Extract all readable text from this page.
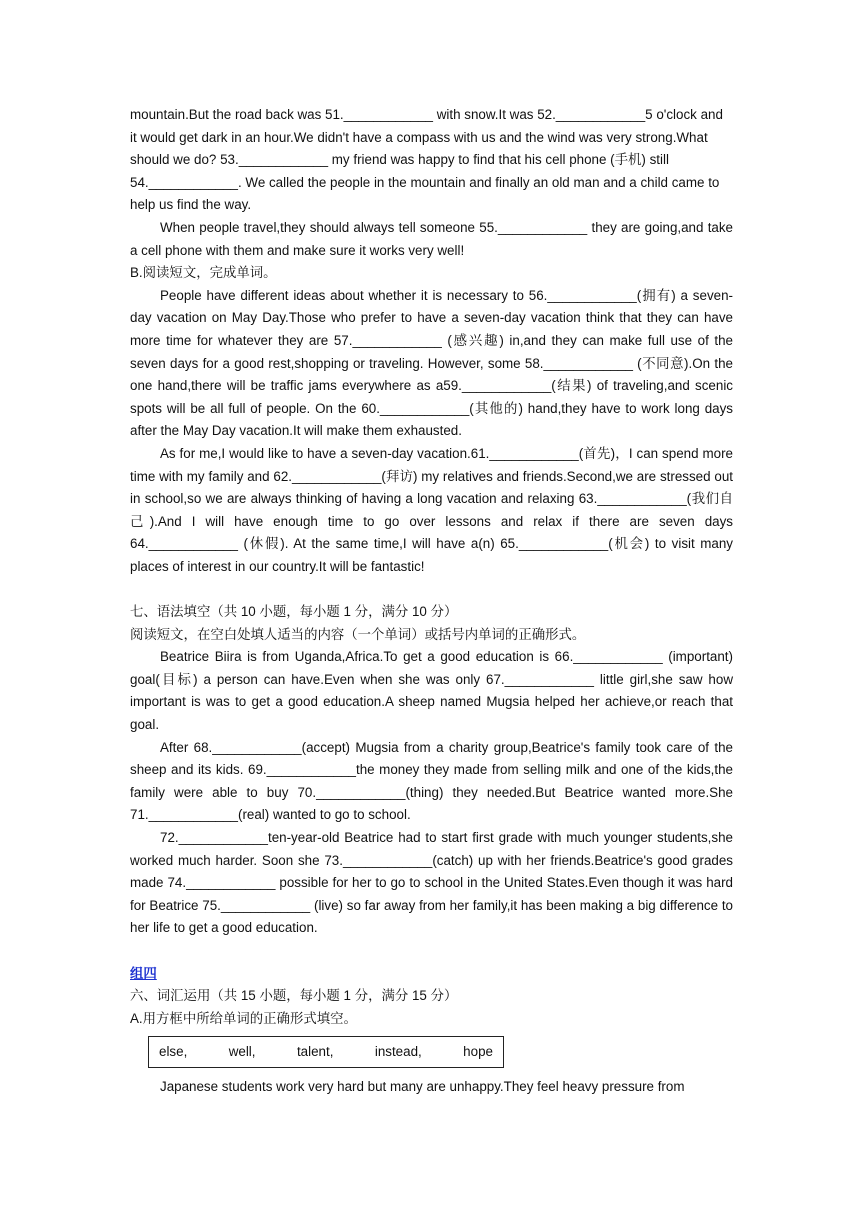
mountain.But the road back was 51.____________ with snow.It was 52.____________5 o'clock and it would get dark in an hour.We didn't have a compass with us and the wind was very strong.What should we do? 53.____________ my friend was happy to find that his cell phone (手机) still 54.____________. We called the people in the mountain and finally an old man and a child came to help us find the way.

When people travel,they should always tell someone 55.____________ they are going,and take a cell phone with them and make sure it works very well!

B.阅读短文，完成单词。

People have different ideas about whether it is necessary to 56.____________(拥有) a seven-day vacation on May Day.Those who prefer to have a seven-day vacation think that they can have more time for whatever they are 57.____________ (感兴趣) in,and they can make full use of the seven days for a good rest,shopping or traveling. However, some 58.____________ (不同意).On the one hand,there will be traffic jams everywhere as a59.____________(结果) of traveling,and scenic spots will be all full of people. On the 60.____________(其他的) hand,they have to work long days after the May Day vacation.It will make them exhausted.

As for me,I would like to have a seven-day vacation.61.____________(首先)，I can spend more time with my family and 62.____________(拜访) my relatives and friends.Second,we are stressed out in school,so we are always thinking of having a long vacation and relaxing 63.____________(我们自己).And I will have enough time to go over lessons and relax if there are seven days 64.____________ (休假). At the same time,I will have a(n) 65.____________(机会) to visit many places of interest in our country.It will be fantastic!

七、语法填空（共 10 小题，每小题 1 分，满分 10 分）

阅读短文，在空白处填人适当的内容（一个单词）或括号内单词的正确形式。

Beatrice Biira is from Uganda,Africa.To get a good education is 66.____________ (important) goal(目标) a person can have.Even when she was only 67.____________ little girl,she saw how important is was to get a good education.A sheep named Mugsia helped her achieve,or reach that goal.

After 68.____________(accept) Mugsia from a charity group,Beatrice's family took care of the sheep and its kids. 69.____________the money they made from selling milk and one of the kids,the family were able to buy 70.____________(thing) they needed.But Beatrice wanted more.She 71.____________(real) wanted to go to school.

72.____________ten-year-old Beatrice had to start first grade with much younger students,she worked much harder. Soon she 73.____________(catch) up with her friends.Beatrice's good grades made 74.____________ possible for her to go to school in the United States.Even though it was hard for Beatrice 75.____________ (live) so far away from her family,it has been making a big difference to her life to get a good education.

组四

六、词汇运用（共 15 小题，每小题 1 分，满分 15 分）

A.用方框中所给单词的正确形式填空。

else,	well,	talent,	instead,	hope

Japanese students work very hard but many are unhappy.They feel heavy pressure from
